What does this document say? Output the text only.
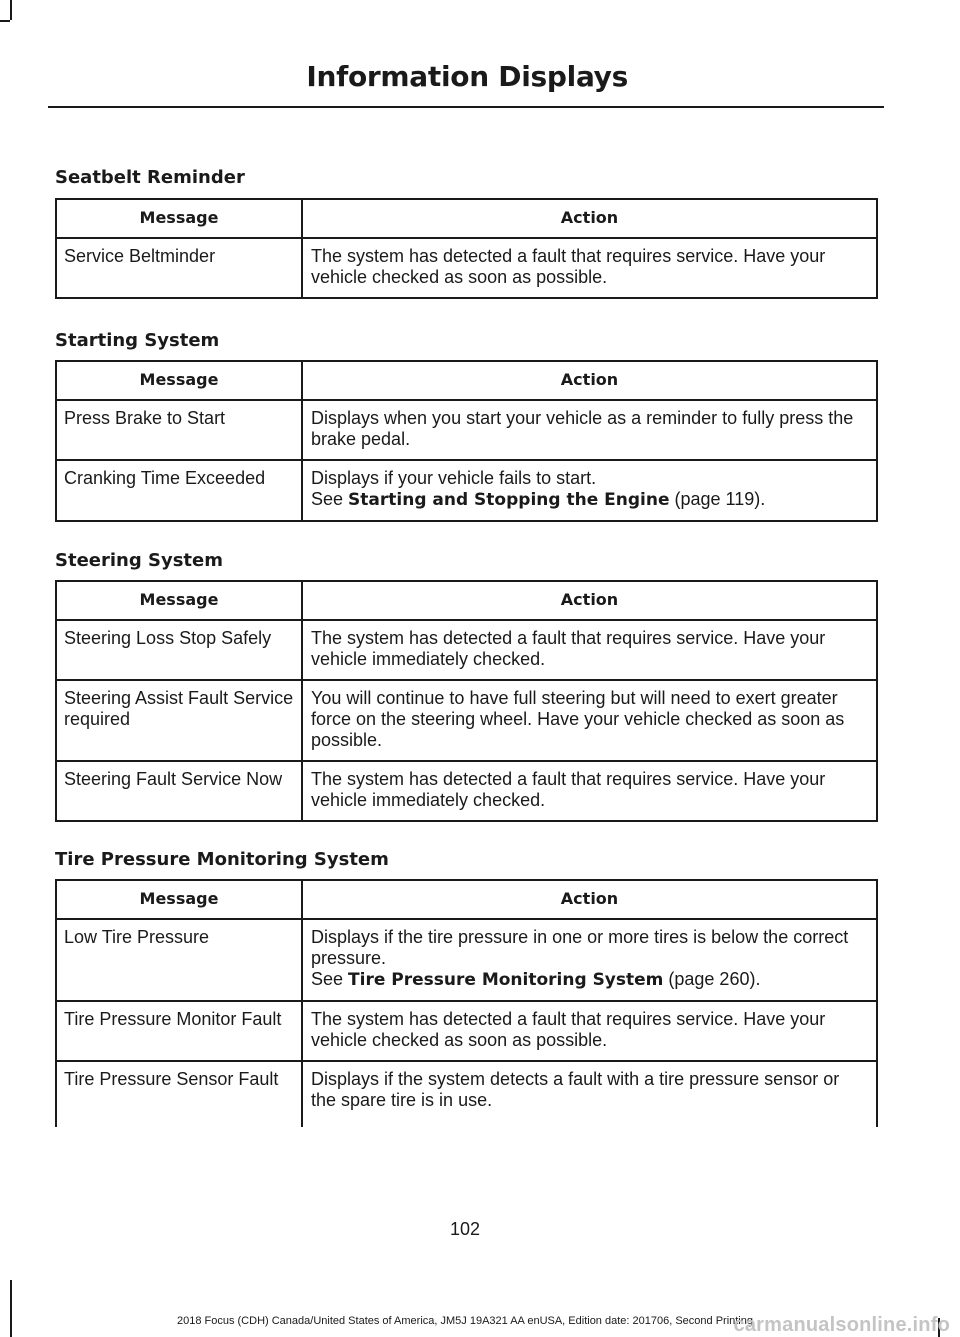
Information Displays
Seatbelt Reminder
Message	Action
Service Beltminder	The system has detected a fault that requires service. Have your vehicle checked as soon as possible.
Starting System
Message	Action
Press Brake to Start	Displays when you start your vehicle as a reminder to fully press the brake pedal.
Cranking Time Exceeded	Displays if your vehicle fails to start.
See Starting and Stopping the Engine (page 119).
Steering System
Message	Action
Steering Loss Stop Safely	The system has detected a fault that requires service. Have your vehicle immediately checked.
Steering Assist Fault Service required	You will continue to have full steering but will need to exert greater force on the steering wheel. Have your vehicle checked as soon as possible.
Steering Fault Service Now	The system has detected a fault that requires service. Have your vehicle immediately checked.
Tire Pressure Monitoring System
Message	Action
Low Tire Pressure	Displays if the tire pressure in one or more tires is below the correct pressure.
See Tire Pressure Monitoring System (page 260).

Tire Pressure Monitor Fault	The system has detected a fault that requires service. Have your vehicle checked as soon as possible.
Tire Pressure Sensor Fault	Displays if the system detects a fault with a tire pressure sensor or the spare tire is in use.
102
2018 Focus (CDH) Canada/United States of America, JM5J 19A321 AA enUSA, Edition date: 201706, Second Printing
carmanualsonline.info
